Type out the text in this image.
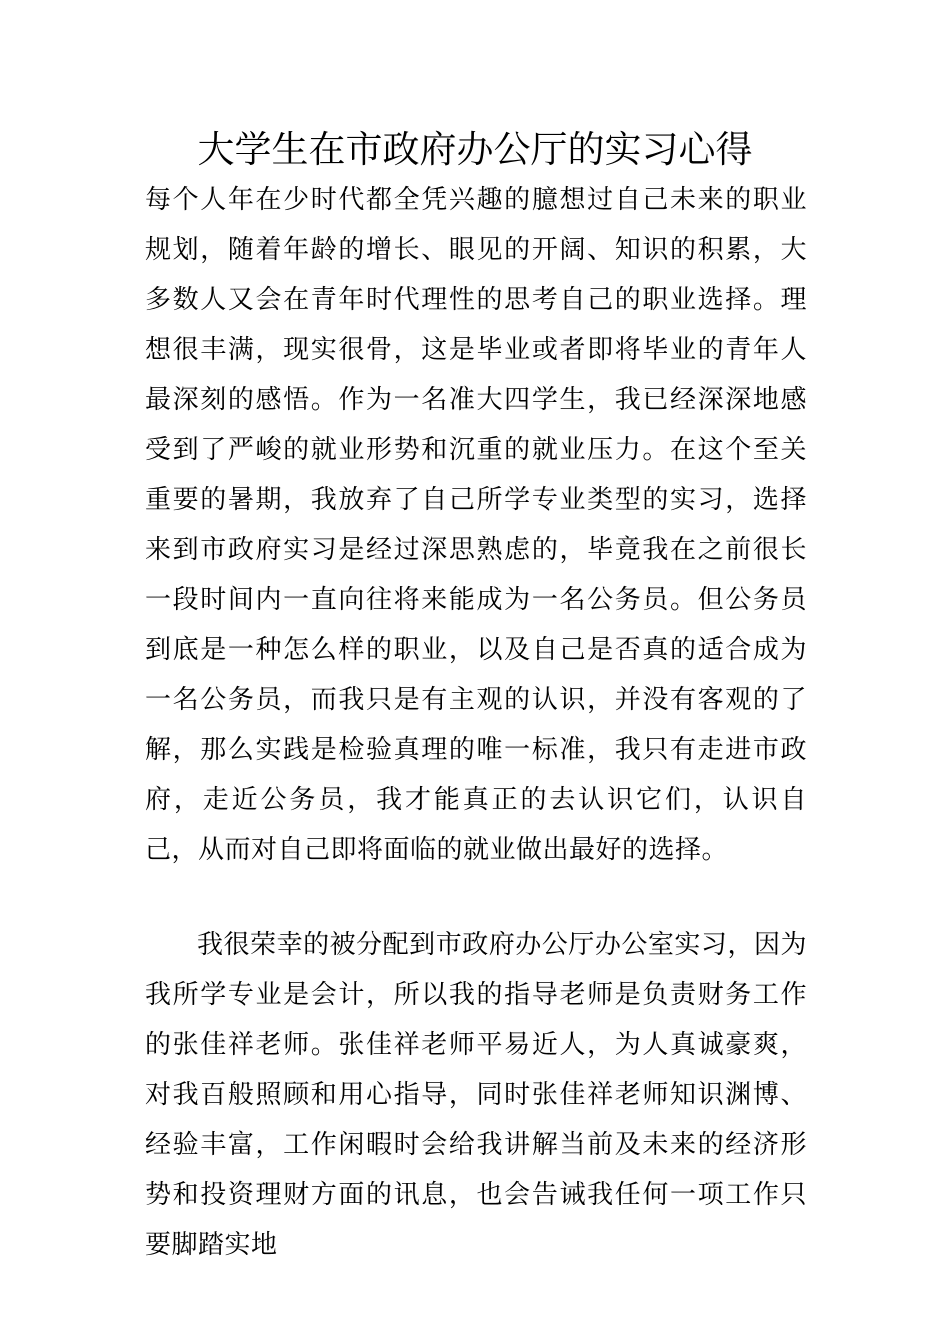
大学生在市政府办公厅的实习心得

每个人年在少时代都全凭兴趣的臆想过自己未来的职业规划，随着年龄的增长、眼见的开阔、知识的积累，大多数人又会在青年时代理性的思考自己的职业选择。理想很丰满，现实很骨，这是毕业或者即将毕业的青年人最深刻的感悟。作为一名准大四学生，我已经深深地感受到了严峻的就业形势和沉重的就业压力。在这个至关重要的暑期，我放弃了自己所学专业类型的实习，选择来到市政府实习是经过深思熟虑的，毕竟我在之前很长一段时间内一直向往将来能成为一名公务员。但公务员到底是一种怎么样的职业，以及自己是否真的适合成为一名公务员，而我只是有主观的认识，并没有客观的了解，那么实践是检验真理的唯一标准，我只有走进市政府，走近公务员，我才能真正的去认识它们，认识自己，从而对自己即将面临的就业做出最好的选择。

我很荣幸的被分配到市政府办公厅办公室实习，因为我所学专业是会计，所以我的指导老师是负责财务工作的张佳祥老师。张佳祥老师平易近人，为人真诚豪爽，对我百般照顾和用心指导，同时张佳祥老师知识渊博、经验丰富，工作闲暇时会给我讲解当前及未来的经济形势和投资理财方面的讯息，也会告诫我任何一项工作只要脚踏实地
